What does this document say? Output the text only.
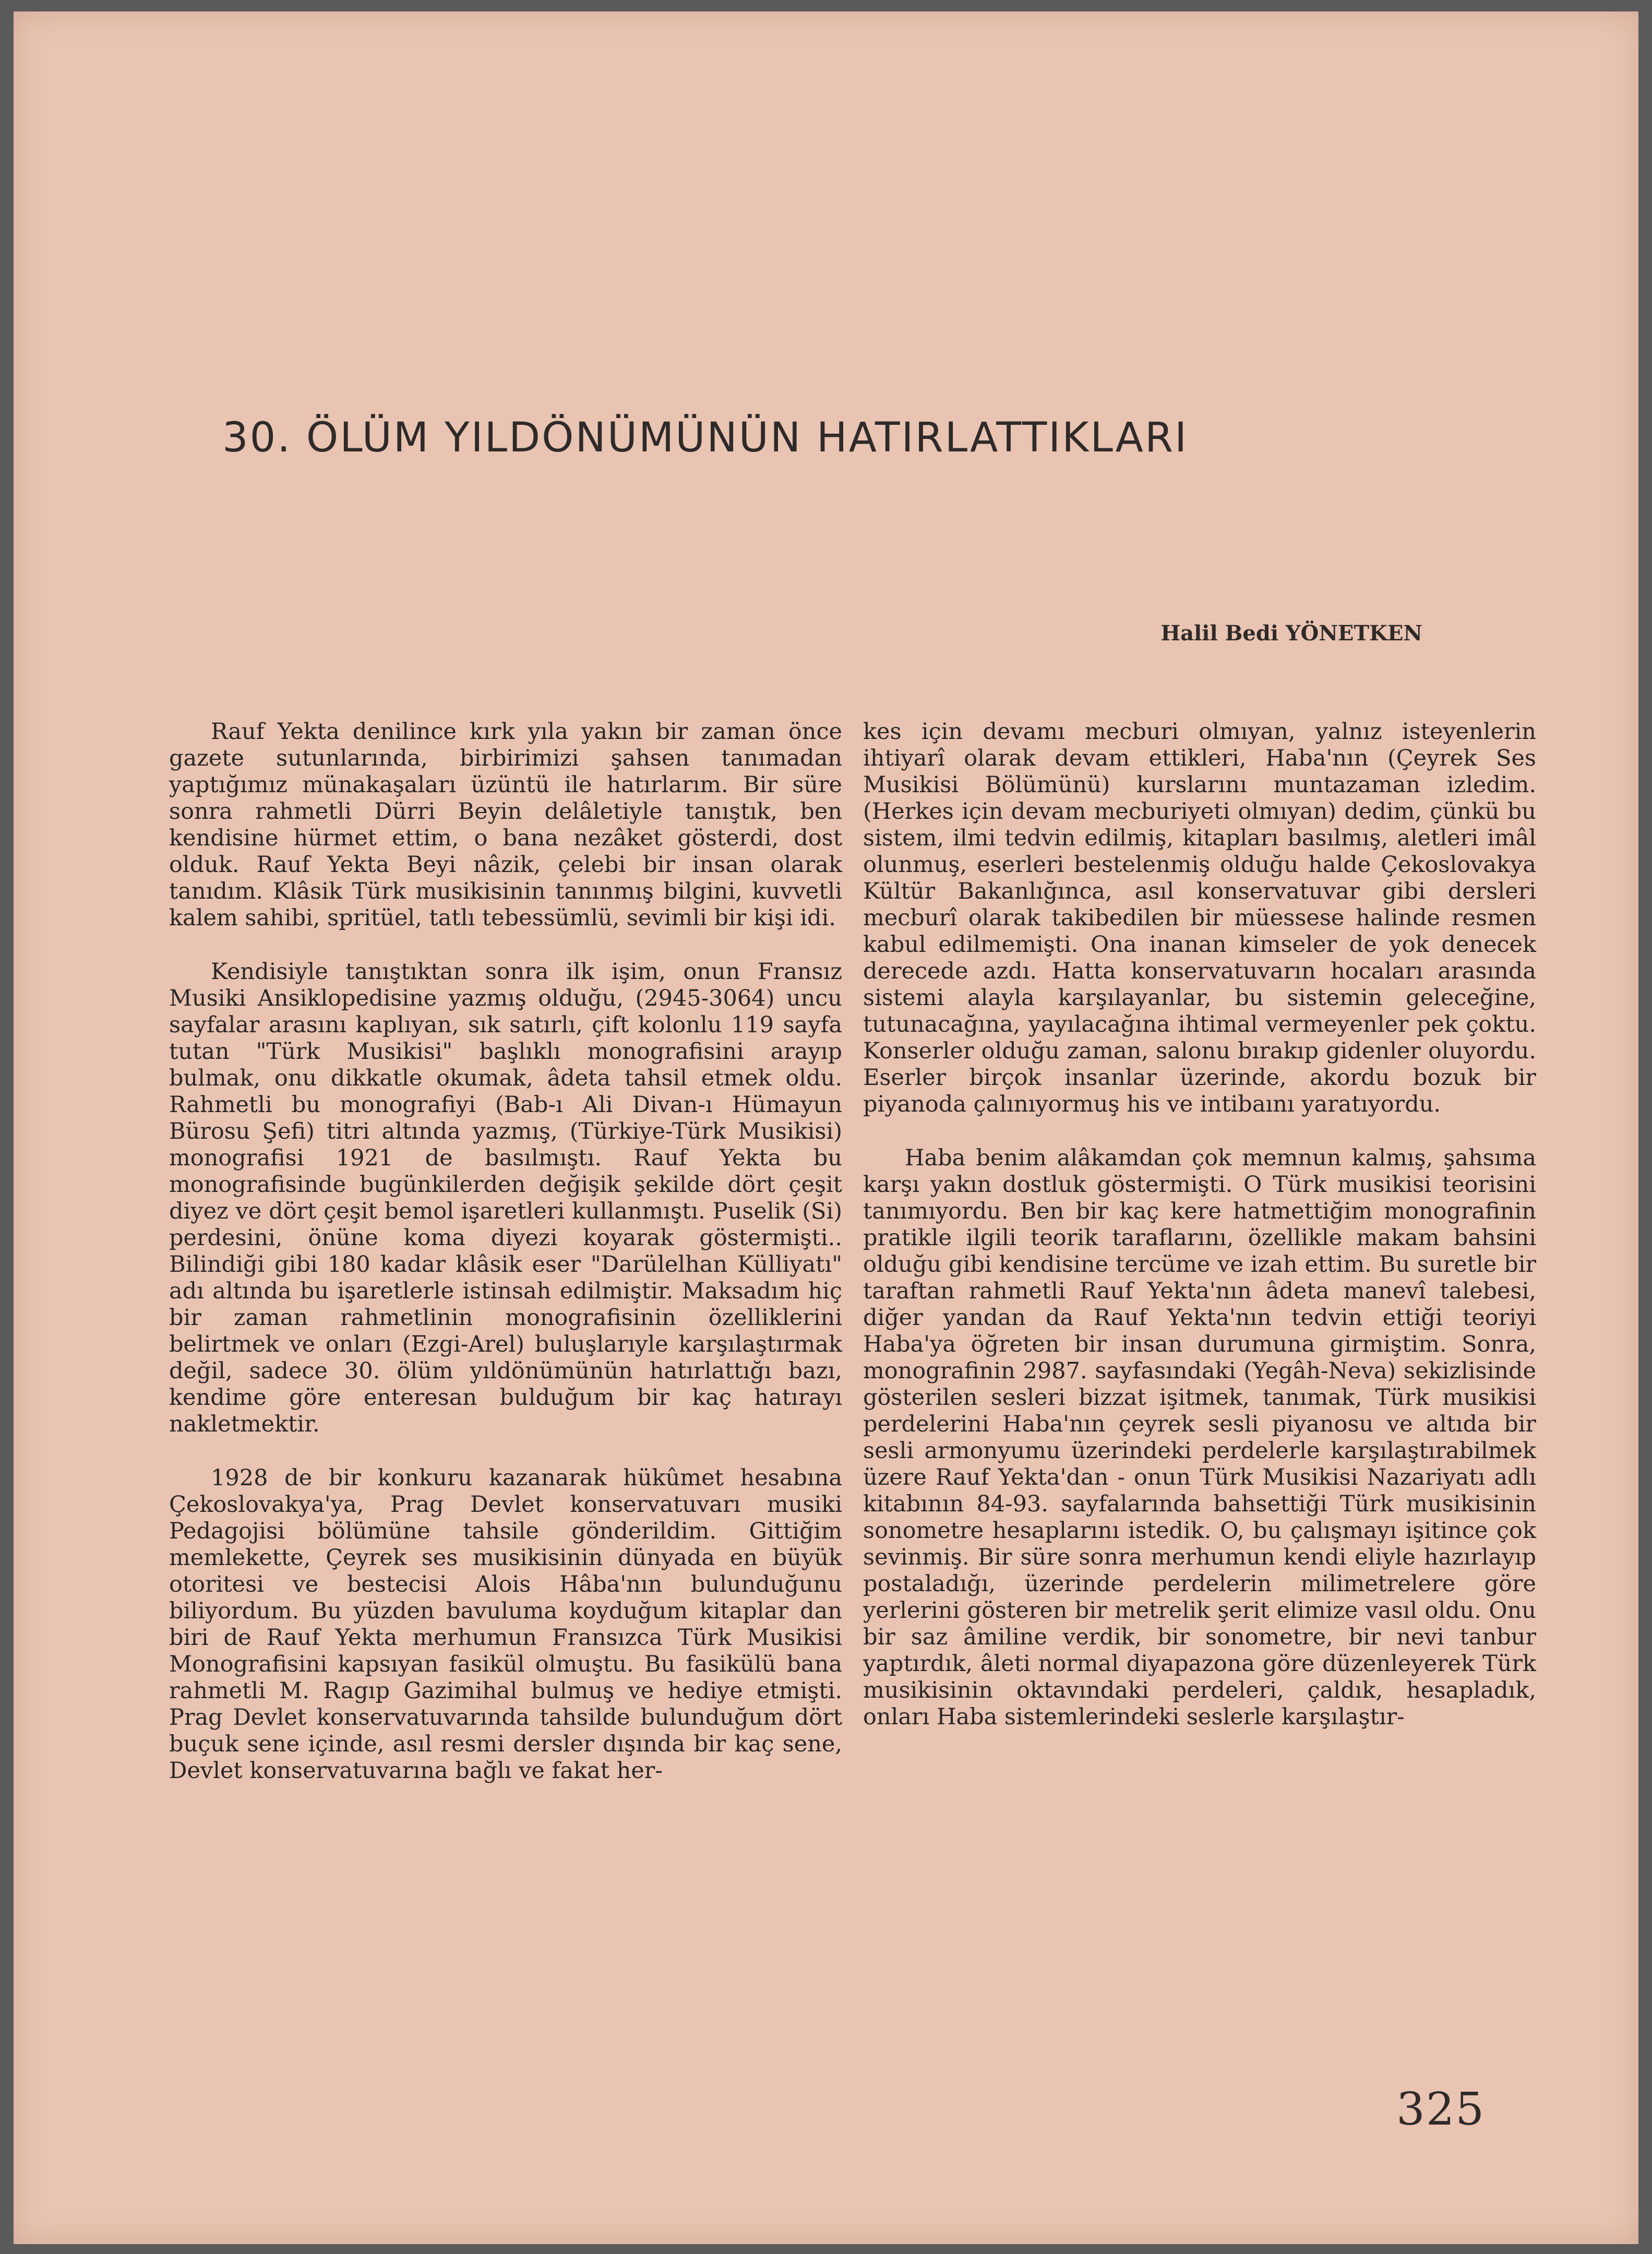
30. ÖLÜM YILDÖNÜMÜNÜN HATIRLATTIKLARI
Halil Bedi YÖNETKEN

Rauf Yekta denilince kırk yıla yakın bir zaman önce gazete sutunlarında, birbirimizi şahsen tanımadan yaptığımız münakaşaları üzüntü ile hatırlarım. Bir süre sonra rahmetli Dürri Beyin delâletiyle tanıştık, ben kendisine hürmet ettim, o bana nezâket gösterdi, dost olduk. Rauf Yekta Beyi nâzik, çelebi bir insan olarak tanıdım. Klâsik Türk musikisinin tanınmış bilgini, kuvvetli kalem sahibi, spritüel, tatlı tebessümlü, sevimli bir kişi idi.

Kendisiyle tanıştıktan sonra ilk işim, onun Fransız Musiki Ansiklopedisine yazmış olduğu, (2945-3064) uncu sayfalar arasını kaplıyan, sık satırlı, çift kolonlu 119 sayfa tutan "Türk Musikisi" başlıklı monografisini arayıp bulmak, onu dikkatle okumak, âdeta tahsil etmek oldu. Rahmetli bu monografiyi (Bab-ı Ali Divan-ı Hümayun Bürosu Şefi) titri altında yazmış, (Türkiye-Türk Musikisi) monografisi 1921 de basılmıştı. Rauf Yekta bu monografisinde bugünkilerden değişik şekilde dört çeşit diyez ve dört çeşit bemol işaretleri kullanmıştı. Puselik (Si) perdesini, önüne koma diyezi koyarak göstermişti.. Bilindiği gibi 180 kadar klâsik eser "Darülelhan Külliyatı" adı altında bu işaretlerle istinsah edilmiştir. Maksadım hiç bir zaman rahmetlinin monografisinin özelliklerini belirtmek ve onları (Ezgi-Arel) buluşlarıyle karşılaştırmak değil, sadece 30. ölüm yıldönümünün hatırlattığı bazı, kendime göre enteresan bulduğum bir kaç hatırayı nakletmektir.

1928 de bir konkuru kazanarak hükûmet hesabına Çekoslovakya'ya, Prag Devlet konservatuvarı musiki Pedagojisi bölümüne tahsile gönderildim. Gittiğim memlekette, Çeyrek ses musikisinin dünyada en büyük otoritesi ve bestecisi Alois Hâba'nın bulunduğunu biliyordum. Bu yüzden bavuluma koyduğum kitaplar dan biri de Rauf Yekta merhumun Fransızca Türk Musikisi Monografisini kapsıyan fasikül olmuştu. Bu fasikülü bana rahmetli M. Ragıp Gazimihal bulmuş ve hediye etmişti. Prag Devlet konservatuvarında tahsilde bulunduğum dört buçuk sene içinde, asıl resmi dersler dışında bir kaç sene, Devlet konservatuvarına bağlı ve fakat her-

kes için devamı mecburi olmıyan, yalnız isteyenlerin ihtiyarî olarak devam ettikleri, Haba'nın (Çeyrek Ses Musikisi Bölümünü) kurslarını muntazaman izledim. (Herkes için devam mecburiyeti olmıyan) dedim, çünkü bu sistem, ilmi tedvin edilmiş, kitapları basılmış, aletleri imâl olunmuş, eserleri bestelenmiş olduğu halde Çekoslovakya Kültür Bakanlığınca, asıl konservatuvar gibi dersleri mecburî olarak takibedilen bir müessese halinde resmen kabul edilmemişti. Ona inanan kimseler de yok denecek derecede azdı. Hatta konservatuvarın hocaları arasında sistemi alayla karşılayanlar, bu sistemin geleceğine, tutunacağına, yayılacağına ihtimal vermeyenler pek çoktu. Konserler olduğu zaman, salonu bırakıp gidenler oluyordu. Eserler birçok insanlar üzerinde, akordu bozuk bir piyanoda çalınıyormuş his ve intibaını yaratıyordu.

Haba benim alâkamdan çok memnun kalmış, şahsıma karşı yakın dostluk göstermişti. O Türk musikisi teorisini tanımıyordu. Ben bir kaç kere hatmettiğim monografinin pratikle ilgili teorik taraflarını, özellikle makam bahsini olduğu gibi kendisine tercüme ve izah ettim. Bu suretle bir taraftan rahmetli Rauf Yekta'nın âdeta manevî talebesi, diğer yandan da Rauf Yekta'nın tedvin ettiği teoriyi Haba'ya öğreten bir insan durumuna girmiştim. Sonra, monografinin 2987. sayfasındaki (Yegâh-Neva) sekizlisinde gösterilen sesleri bizzat işitmek, tanımak, Türk musikisi perdelerini Haba'nın çeyrek sesli piyanosu ve altıda bir sesli armonyumu üzerindeki perdelerle karşılaştırabilmek üzere Rauf Yekta'dan - onun Türk Musikisi Nazariyatı adlı kitabının 84-93. sayfalarında bahsettiği Türk musikisinin sonometre hesaplarını istedik. O, bu çalışmayı işitince çok sevinmiş. Bir süre sonra merhumun kendi eliyle hazırlayıp postaladığı, üzerinde perdelerin milimetrelere göre yerlerini gösteren bir metrelik şerit elimize vasıl oldu. Onu bir saz âmiline verdik, bir sonometre, bir nevi tanbur yaptırdık, âleti normal diyapazona göre düzenleyerek Türk musikisinin oktavındaki perdeleri, çaldık, hesapladık, onları Haba sistemlerindeki seslerle karşılaştır-

325
